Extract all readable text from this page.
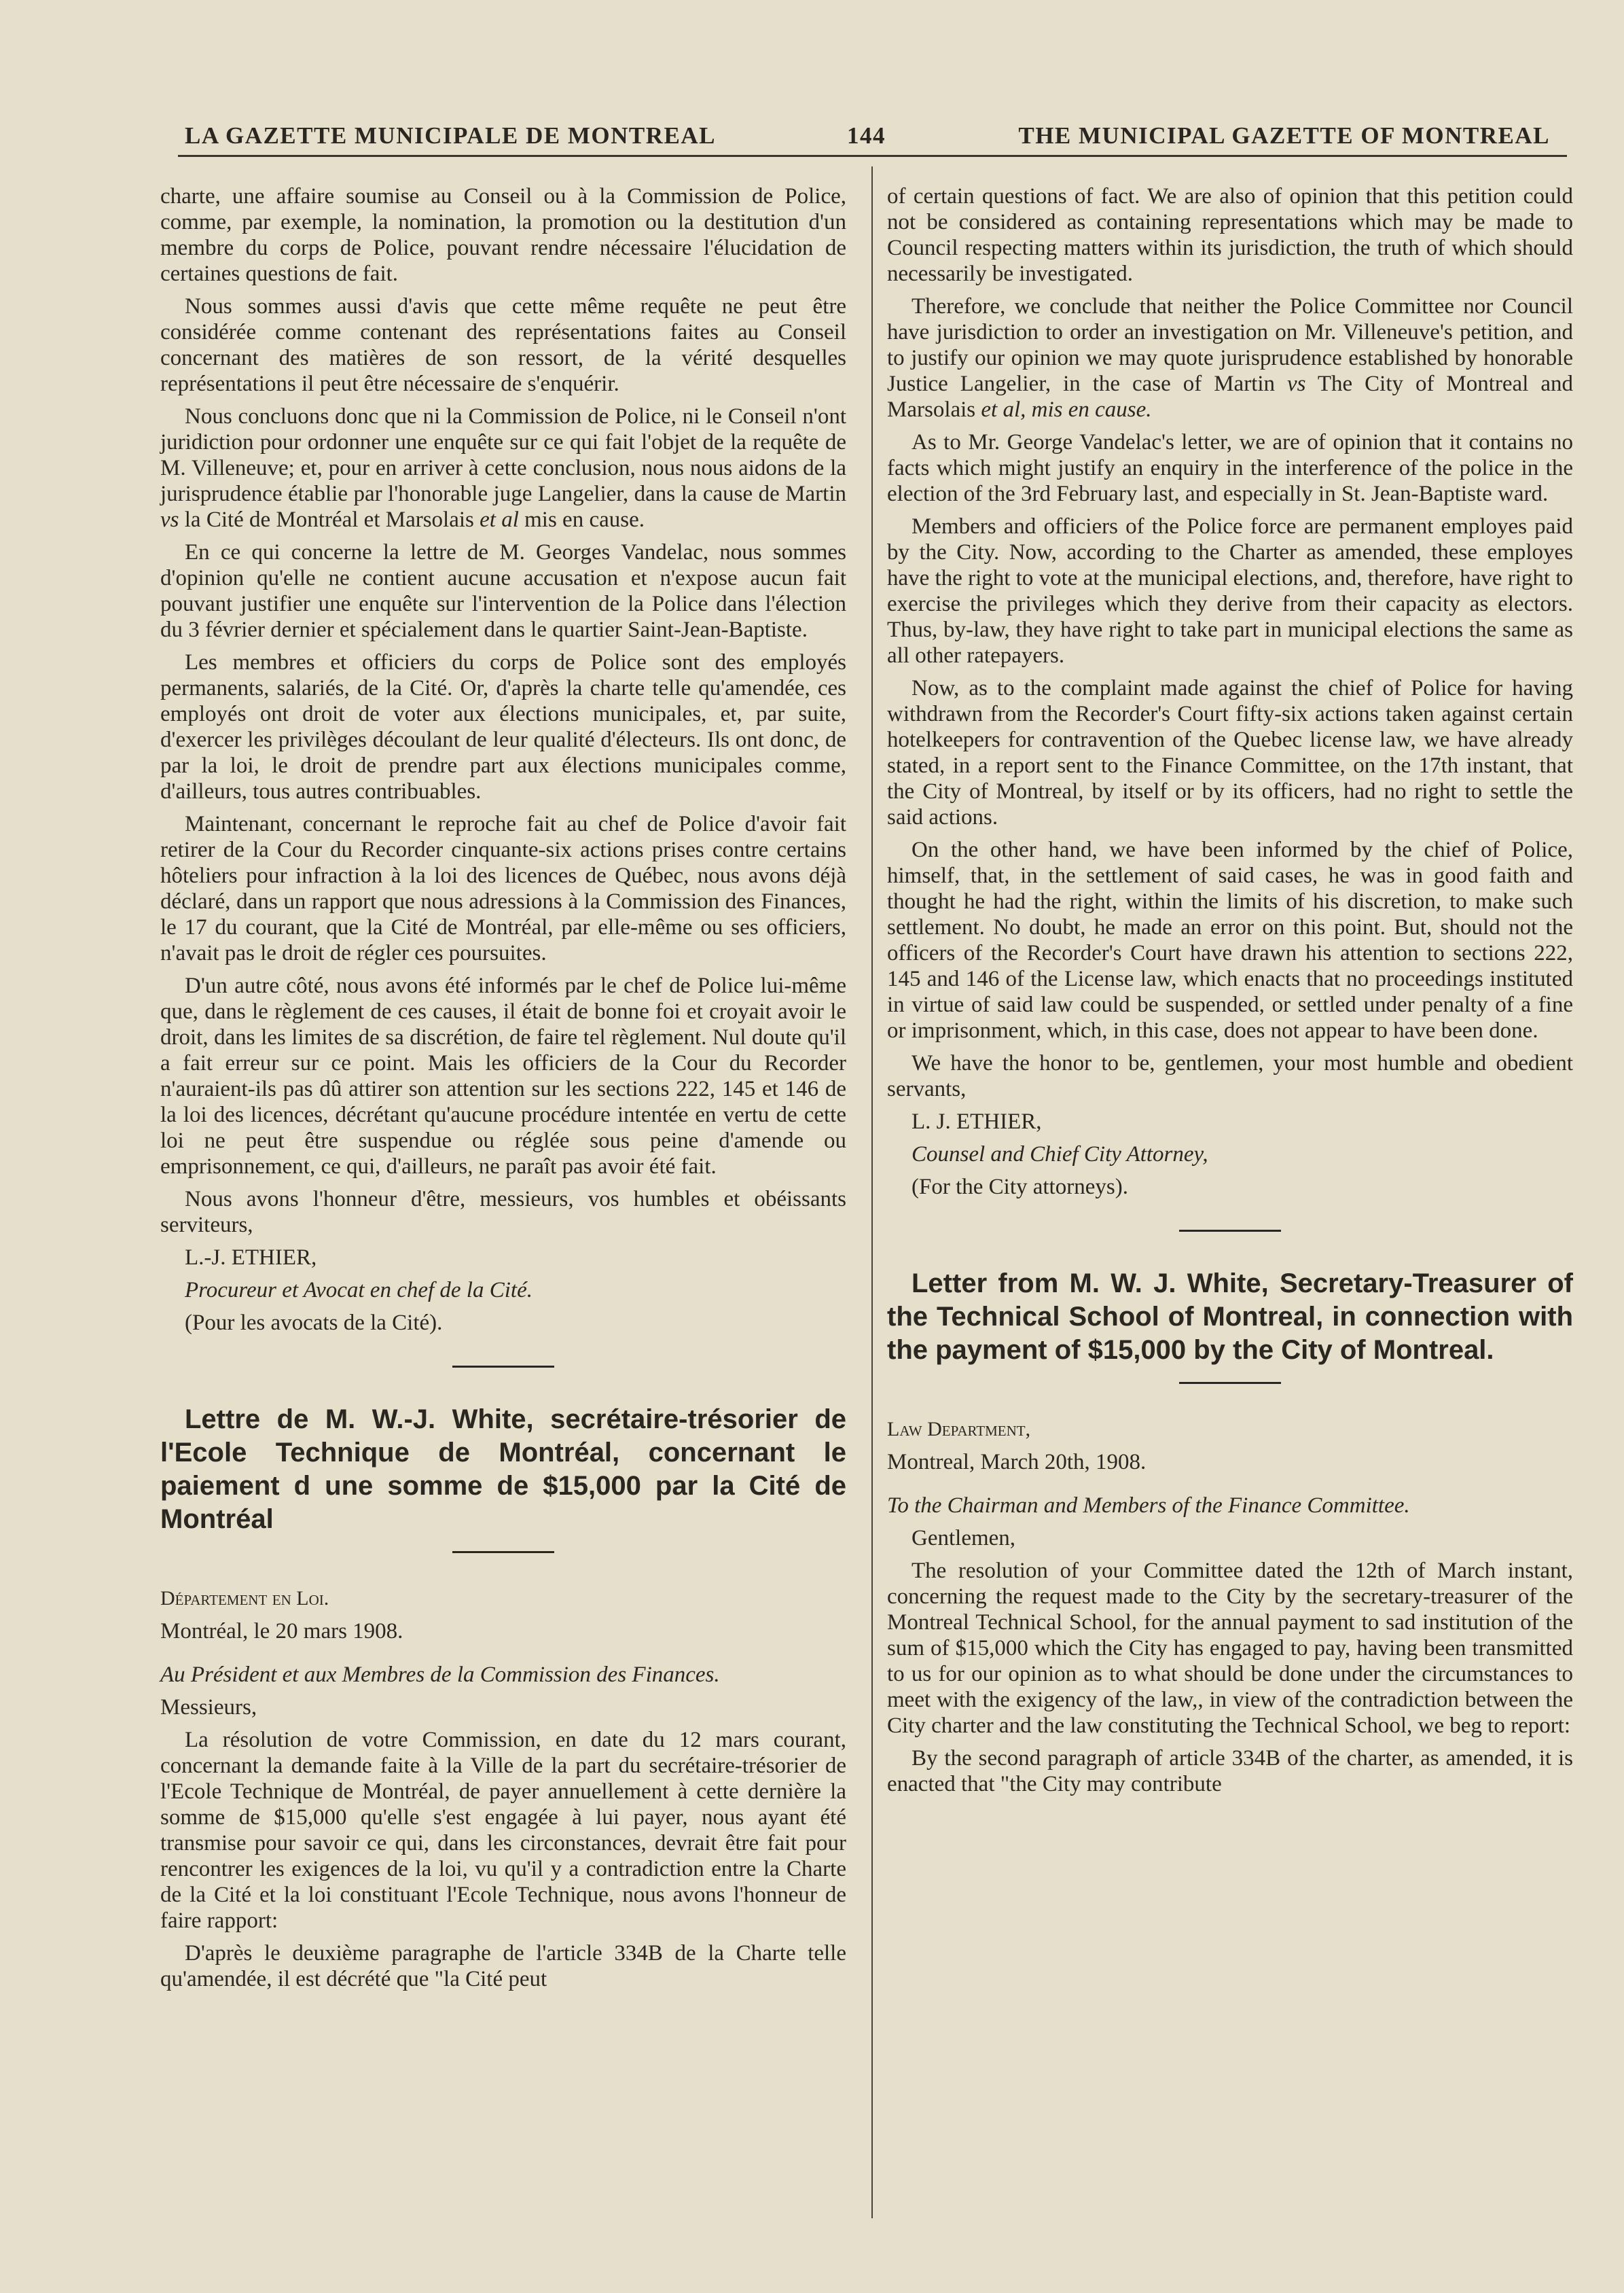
LA GAZETTE MUNICIPALE DE MONTREAL	144	THE MUNICIPAL GAZETTE OF MONTREAL

charte, une affaire soumise au Conseil ou à la Commission de Police, comme, par exemple, la nomination, la promotion ou la destitution d'un membre du corps de Police, pouvant rendre nécessaire l'élucidation de certaines questions de fait.

Nous sommes aussi d'avis que cette même requête ne peut être considérée comme contenant des représentations faites au Conseil concernant des matières de son ressort, de la vérité desquelles représentations il peut être nécessaire de s'enquérir.

Nous concluons donc que ni la Commission de Police, ni le Conseil n'ont juridiction pour ordonner une enquête sur ce qui fait l'objet de la requête de M. Villeneuve; et, pour en arriver à cette conclusion, nous nous aidons de la jurisprudence établie par l'honorable juge Langelier, dans la cause de Martin vs la Cité de Montréal et Marsolais et al mis en cause.

En ce qui concerne la lettre de M. Georges Vandelac, nous sommes d'opinion qu'elle ne contient aucune accusation et n'expose aucun fait pouvant justifier une enquête sur l'intervention de la Police dans l'élection du 3 février dernier et spécialement dans le quartier Saint-Jean-Baptiste.

Les membres et officiers du corps de Police sont des employés permanents, salariés, de la Cité. Or, d'après la charte telle qu'amendée, ces employés ont droit de voter aux élections municipales, et, par suite, d'exercer les privilèges découlant de leur qualité d'électeurs. Ils ont donc, de par la loi, le droit de prendre part aux élections municipales comme, d'ailleurs, tous autres contribuables.

Maintenant, concernant le reproche fait au chef de Police d'avoir fait retirer de la Cour du Recorder cinquante-six actions prises contre certains hôteliers pour infraction à la loi des licences de Québec, nous avons déjà déclaré, dans un rapport que nous adressions à la Commission des Finances, le 17 du courant, que la Cité de Montréal, par elle-même ou ses officiers, n'avait pas le droit de régler ces poursuites.

D'un autre côté, nous avons été informés par le chef de Police lui-même que, dans le règlement de ces causes, il était de bonne foi et croyait avoir le droit, dans les limites de sa discrétion, de faire tel règlement. Nul doute qu'il a fait erreur sur ce point. Mais les officiers de la Cour du Recorder n'auraient-ils pas dû attirer son attention sur les sections 222, 145 et 146 de la loi des licences, décrétant qu'aucune procédure intentée en vertu de cette loi ne peut être suspendue ou réglée sous peine d'amende ou emprisonnement, ce qui, d'ailleurs, ne paraît pas avoir été fait.

Nous avons l'honneur d'être, messieurs, vos humbles et obéissants serviteurs,

L.-J. ETHIER,

Procureur et Avocat en chef de la Cité.

(Pour les avocats de la Cité).

Lettre de M. W.-J. White, secrétaire-trésorier de l'Ecole Technique de Montréal, concernant le paiement d une somme de $15,000 par la Cité de Montréal

Département en Loi.

Montréal, le 20 mars 1908.

Au Président et aux Membres de la Commission des Finances.

Messieurs,

La résolution de votre Commission, en date du 12 mars courant, concernant la demande faite à la Ville de la part du secrétaire-trésorier de l'Ecole Technique de Montréal, de payer annuellement à cette dernière la somme de $15,000 qu'elle s'est engagée à lui payer, nous ayant été transmise pour savoir ce qui, dans les circonstances, devrait être fait pour rencontrer les exigences de la loi, vu qu'il y a contradiction entre la Charte de la Cité et la loi constituant l'Ecole Technique, nous avons l'honneur de faire rapport:

D'après le deuxième paragraphe de l'article 334B de la Charte telle qu'amendée, il est décrété que "la Cité peut

of certain questions of fact. We are also of opinion that this petition could not be considered as containing representations which may be made to Council respecting matters within its jurisdiction, the truth of which should necessarily be investigated.

Therefore, we conclude that neither the Police Committee nor Council have jurisdiction to order an investigation on Mr. Villeneuve's petition, and to justify our opinion we may quote jurisprudence established by honorable Justice Langelier, in the case of Martin vs The City of Montreal and Marsolais et al, mis en cause.

As to Mr. George Vandelac's letter, we are of opinion that it contains no facts which might justify an enquiry in the interference of the police in the election of the 3rd February last, and especially in St. Jean-Baptiste ward.

Members and officiers of the Police force are permanent employes paid by the City. Now, according to the Charter as amended, these employes have the right to vote at the municipal elections, and, therefore, have right to exercise the privileges which they derive from their capacity as electors. Thus, by-law, they have right to take part in municipal elections the same as all other ratepayers.

Now, as to the complaint made against the chief of Police for having withdrawn from the Recorder's Court fifty-six actions taken against certain hotelkeepers for contravention of the Quebec license law, we have already stated, in a report sent to the Finance Committee, on the 17th instant, that the City of Montreal, by itself or by its officers, had no right to settle the said actions.

On the other hand, we have been informed by the chief of Police, himself, that, in the settlement of said cases, he was in good faith and thought he had the right, within the limits of his discretion, to make such settlement. No doubt, he made an error on this point. But, should not the officers of the Recorder's Court have drawn his attention to sections 222, 145 and 146 of the License law, which enacts that no proceedings instituted in virtue of said law could be suspended, or settled under penalty of a fine or imprisonment, which, in this case, does not appear to have been done.

We have the honor to be, gentlemen, your most humble and obedient servants,

L. J. ETHIER,

Counsel and Chief City Attorney,

(For the City attorneys).

Letter from M. W. J. White, Secretary-Treasurer of the Technical School of Montreal, in connection with the payment of $15,000 by the City of Montreal.

Law Department,

Montreal, March 20th, 1908.

To the Chairman and Members of the Finance Committee.

Gentlemen,

The resolution of your Committee dated the 12th of March instant, concerning the request made to the City by the secretary-treasurer of the Montreal Technical School, for the annual payment to sad institution of the sum of $15,000 which the City has engaged to pay, having been transmitted to us for our opinion as to what should be done under the circumstances to meet with the exigency of the law,, in view of the contradiction between the City charter and the law constituting the Technical School, we beg to report:

By the second paragraph of article 334B of the charter, as amended, it is enacted that "the City may contribute
